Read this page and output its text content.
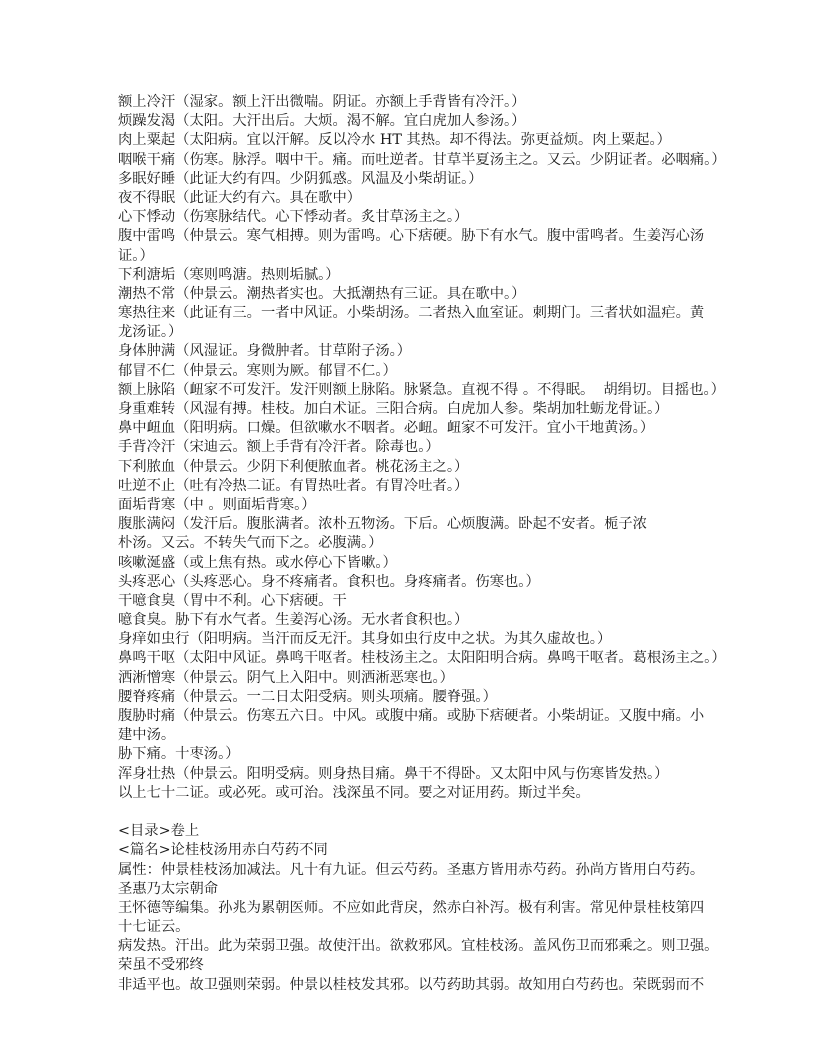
额上冷汗（湿家。额上汗出微喘。阴证。亦额上手背皆有冷汗。）
烦躁发渴（太阳。大汗出后。大烦。渴不解。宜白虎加人参汤。）
肉上粟起（太阳病。宜以汗解。反以冷水 HT 其热。却不得法。弥更益烦。肉上粟起。）
咽喉干痛（伤寒。脉浮。咽中干。痛。而吐逆者。甘草半夏汤主之。又云。少阴证者。必咽痛。）
多眠好睡（此证大约有四。少阴狐惑。风温及小柴胡证。）
夜不得眠（此证大约有六。具在歌中）
心下悸动（伤寒脉结代。心下悸动者。炙甘草汤主之。）
腹中雷鸣（仲景云。寒气相搏。则为雷鸣。心下痞硬。胁下有水气。腹中雷鸣者。生姜泻心汤
证。）
下利溏垢（寒则鸣溏。热则垢腻。）
潮热不常（仲景云。潮热者实也。大抵潮热有三证。具在歌中。）
寒热往来（此证有三。一者中风证。小柴胡汤。二者热入血室证。刺期门。三者状如温疟。黄
龙汤证。）
身体肿满（风湿证。身微肿者。甘草附子汤。）
郁冒不仁（仲景云。寒则为厥。郁冒不仁。）
额上脉陷（衄家不可发汗。发汗则额上脉陷。脉紧急。直视不得 。不得眠。  胡绢切。目摇也。）
身重难转（风湿有搏。桂枝。加白术证。三阳合病。白虎加人参。柴胡加牡蛎龙骨证。）
鼻中衄血（阳明病。口燥。但欲嗽水不咽者。必衄。衄家不可发汗。宜小干地黄汤。）
手背冷汗（宋迪云。额上手背有冷汗者。除毒也。）
下利脓血（仲景云。少阴下利便脓血者。桃花汤主之。）
吐逆不止（吐有冷热二证。有胃热吐者。有胃冷吐者。）
面垢背寒（中 。则面垢背寒。）
腹胀满闷（发汗后。腹胀满者。浓朴五物汤。下后。心烦腹满。卧起不安者。栀子浓
朴汤。又云。不转失气而下之。必腹满。）
咳嗽涎盛（或上焦有热。或水停心下皆嗽。）
头疼恶心（头疼恶心。身不疼痛者。食积也。身疼痛者。伤寒也。）
干噫食臭（胃中不利。心下痞硬。干
噫食臭。胁下有水气者。生姜泻心汤。无水者食积也。）
身痒如虫行（阳明病。当汗而反无汗。其身如虫行皮中之状。为其久虚故也。）
鼻鸣干呕（太阳中风证。鼻鸣干呕者。桂枝汤主之。太阳阳明合病。鼻鸣干呕者。葛根汤主之。）
洒淅憎寒（仲景云。阴气上入阳中。则洒淅恶寒也。）
腰脊疼痛（仲景云。一二日太阳受病。则头项痛。腰脊强。）
腹胁时痛（仲景云。伤寒五六日。中风。或腹中痛。或胁下痞硬者。小柴胡证。又腹中痛。小
建中汤。
胁下痛。十枣汤。）
浑身壮热（仲景云。阳明受病。则身热目痛。鼻干不得卧。又太阳中风与伤寒皆发热。）
以上七十二证。或必死。或可治。浅深虽不同。要之对证用药。斯过半矣。
<目录>卷上
<篇名>论桂枝汤用赤白芍药不同
属性：仲景桂枝汤加减法。凡十有九证。但云芍药。圣惠方皆用赤芍药。孙尚方皆用白芍药。
圣惠乃太宗朝命
王怀德等编集。孙兆为累朝医师。不应如此背戾，然赤白补泻。极有利害。常见仲景桂枝第四
十七证云。
病发热。汗出。此为荣弱卫强。故使汗出。欲救邪风。宜桂枝汤。盖风伤卫而邪乘之。则卫强。
荣虽不受邪终
非适平也。故卫强则荣弱。仲景以桂枝发其邪。以芍药助其弱。故知用白芍药也。荣既弱而不
